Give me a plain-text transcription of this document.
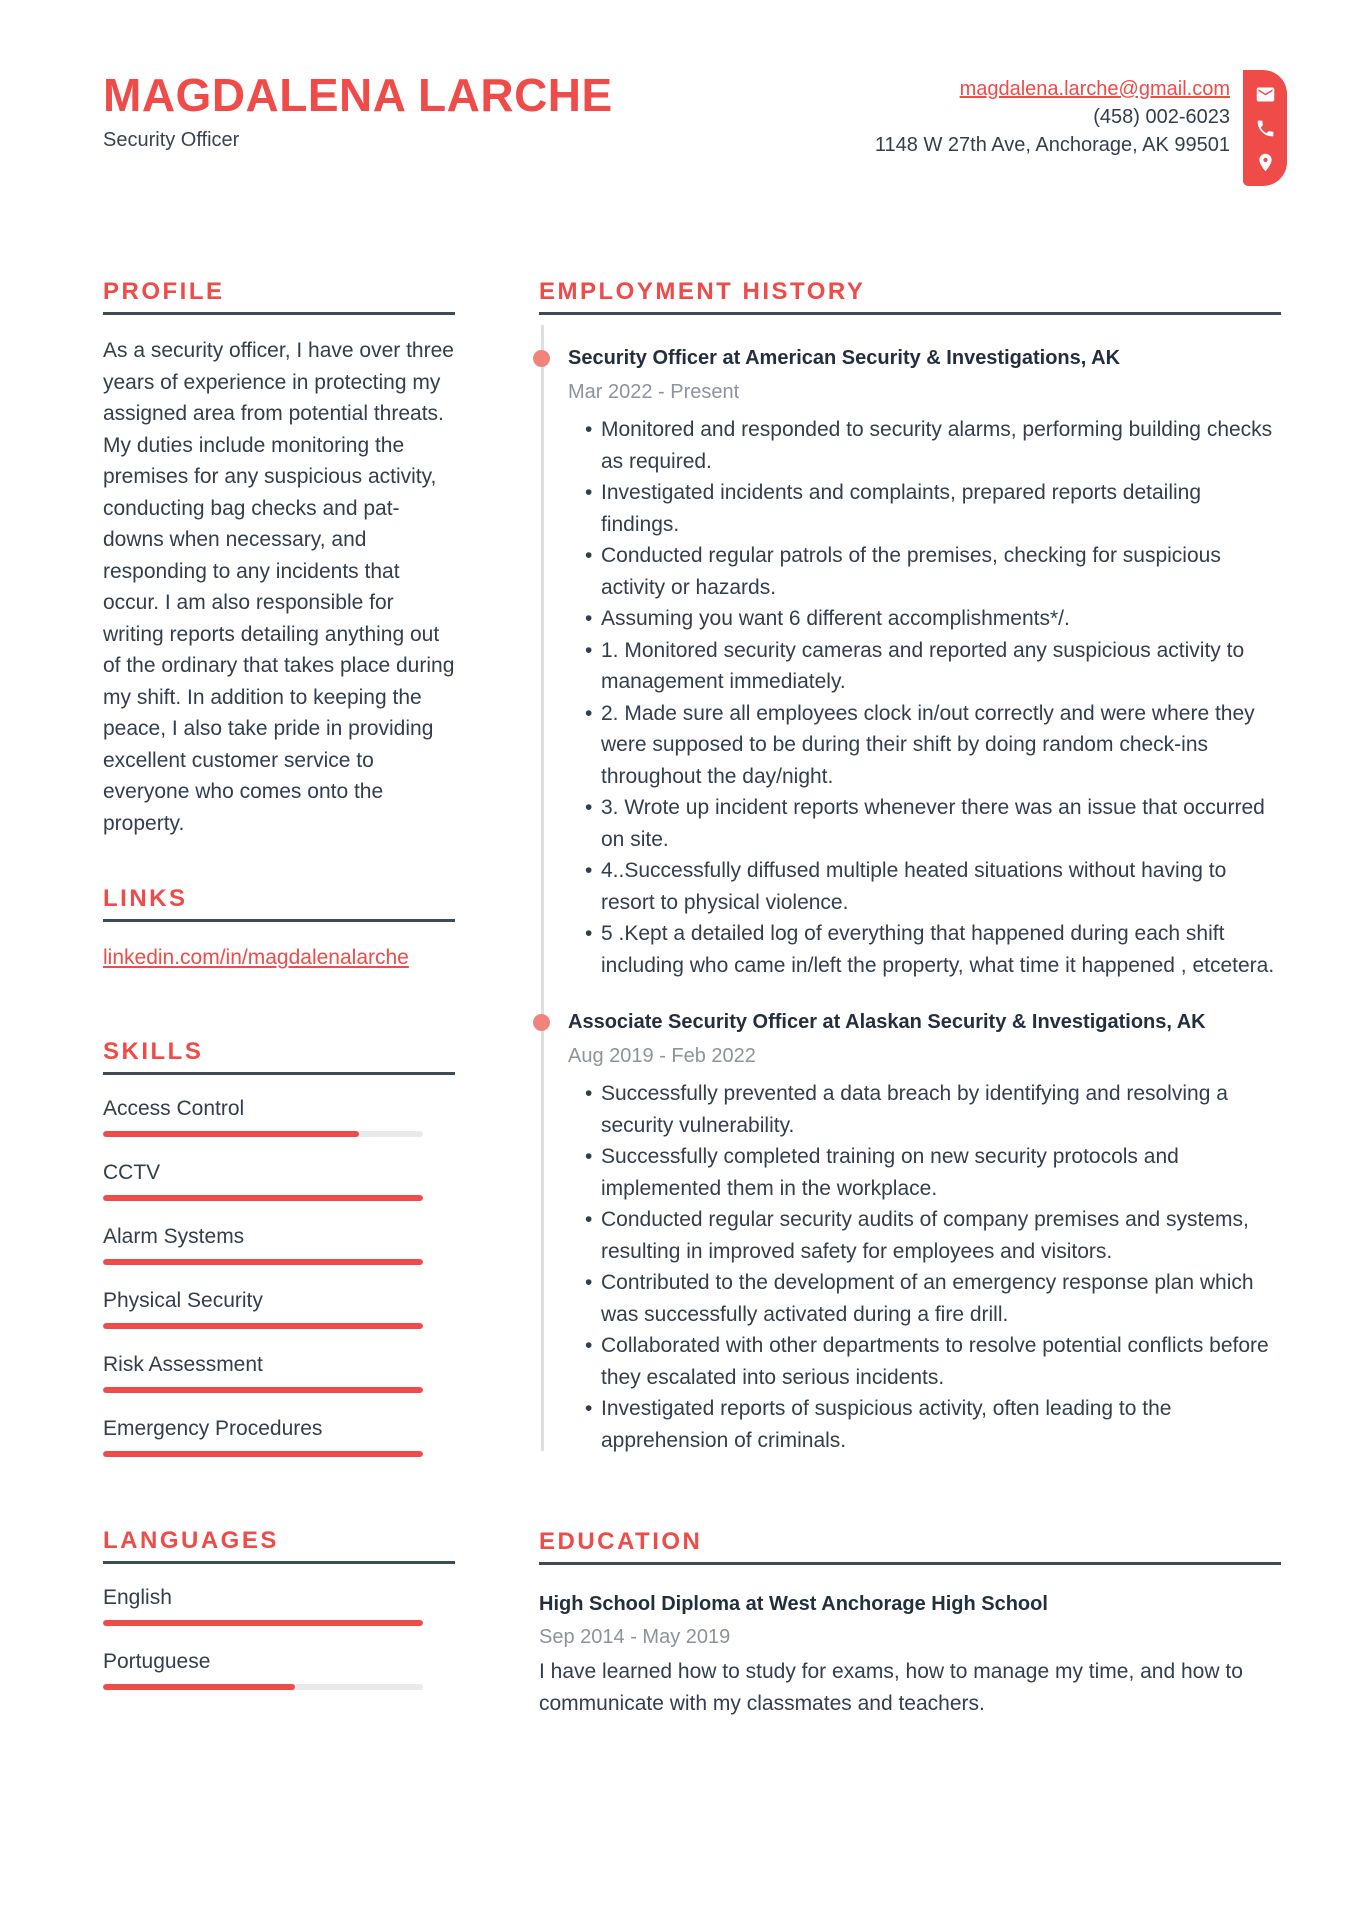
MAGDALENA LARCHE
Security Officer
magdalena.larche@gmail.com
(458) 002-6023
1148 W 27th Ave, Anchorage, AK 99501
PROFILE

As a security officer, I have over three years of experience in protecting my assigned area from potential threats. My duties include monitoring the premises for any suspicious activity, conducting bag checks and pat-downs when necessary, and responding to any incidents that occur. I am also responsible for writing reports detailing anything out of the ordinary that takes place during my shift. In addition to keeping the peace, I also take pride in providing excellent customer service to everyone who comes onto the property.

LINKS
linkedin.com/in/magdalenalarche
SKILLS
Access Control
CCTV
Alarm Systems
Physical Security
Risk Assessment
Emergency Procedures
LANGUAGES
English
Portuguese
EMPLOYMENT HISTORY
Security Officer at American Security & Investigations, AK
Mar 2022 - Present
• Monitored and responded to security alarms, performing building checks as required.
• Investigated incidents and complaints, prepared reports detailing findings.
• Conducted regular patrols of the premises, checking for suspicious activity or hazards.
• Assuming you want 6 different accomplishments*/.
• 1. Monitored security cameras and reported any suspicious activity to management immediately.
• 2. Made sure all employees clock in/out correctly and were where they were supposed to be during their shift by doing random check-ins throughout the day/night.
• 3. Wrote up incident reports whenever there was an issue that occurred on site.
• 4..Successfully diffused multiple heated situations without having to resort to physical violence.
• 5 .Kept a detailed log of everything that happened during each shift including who came in/left the property, what time it happened , etcetera.
Associate Security Officer at Alaskan Security & Investigations, AK
Aug 2019 - Feb 2022
• Successfully prevented a data breach by identifying and resolving a security vulnerability.
• Successfully completed training on new security protocols and implemented them in the workplace.
• Conducted regular security audits of company premises and systems, resulting in improved safety for employees and visitors.
• Contributed to the development of an emergency response plan which was successfully activated during a fire drill.
• Collaborated with other departments to resolve potential conflicts before they escalated into serious incidents.
• Investigated reports of suspicious activity, often leading to the apprehension of criminals.
EDUCATION
High School Diploma at West Anchorage High School
Sep 2014 - May 2019

I have learned how to study for exams, how to manage my time, and how to communicate with my classmates and teachers.
